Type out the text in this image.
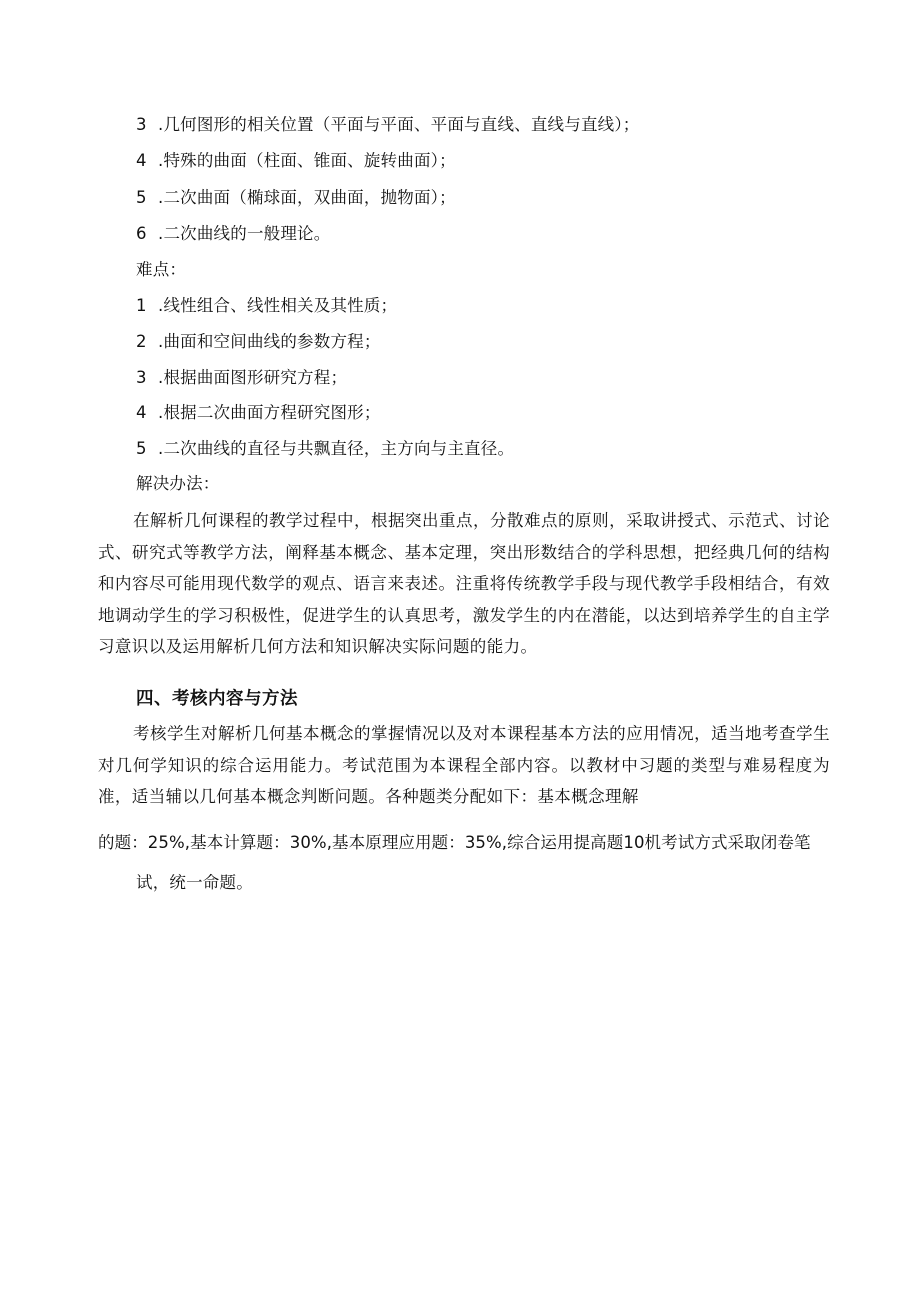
3 .几何图形的相关位置（平面与平面、平面与直线、直线与直线）；
4 .特殊的曲面（柱面、锥面、旋转曲面）；
5 .二次曲面（椭球面，双曲面，抛物面）；
6 .二次曲线的一般理论。
难点：
1 .线性组合、线性相关及其性质；
2 .曲面和空间曲线的参数方程；
3 .根据曲面图形研究方程；
4 .根据二次曲面方程研究图形；
5 .二次曲线的直径与共飘直径，主方向与主直径。
解决办法：
在解析几何课程的教学过程中，根据突出重点，分散难点的原则，采取讲授式、示范式、讨论式、研究式等教学方法，阐释基本概念、基本定理，突出形数结合的学科思想，把经典几何的结构和内容尽可能用现代数学的观点、语言来表述。注重将传统教学手段与现代教学手段相结合，有效地调动学生的学习积极性，促进学生的认真思考，激发学生的内在潜能，以达到培养学生的自主学习意识以及运用解析几何方法和知识解决实际问题的能力。
四、考核内容与方法
考核学生对解析几何基本概念的掌握情况以及对本课程基本方法的应用情况，适当地考查学生对几何学知识的综合运用能力。考试范围为本课程全部内容。以教材中习题的类型与难易程度为准，适当辅以几何基本概念判断问题。各种题类分配如下：基本概念理解
的题：25%,基本计算题：30%,基本原理应用题：35%,综合运用提高题10机考试方式采取闭卷笔
试，统一命题。
